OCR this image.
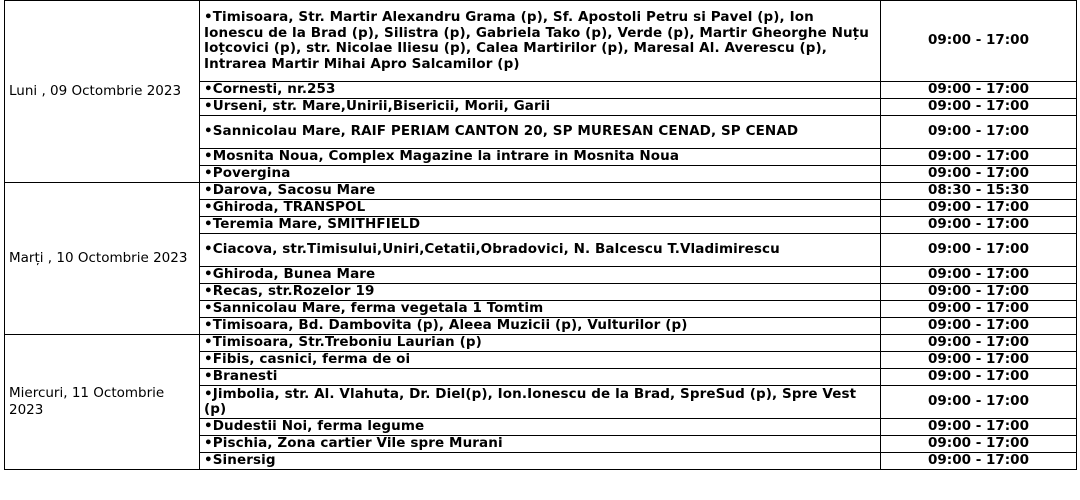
Luni , 09 Octombrie 2023	•Timisoara, Str. Martir Alexandru Grama (p), Sf. Apostoli Petru si Pavel (p), Ion Ionescu de la Brad (p), Silistra (p), Gabriela Tako (p), Verde (p), Martir Gheorghe Nuțu Ioțcovici (p), str. Nicolae Iliesu (p), Calea Martirilor (p), Maresal Al. Averescu (p), Intrarea Martir Mihai Apro Salcamilor (p)	09:00 - 17:00
	•Cornesti, nr.253	09:00 - 17:00
	•Urseni, str. Mare,Unirii,Bisericii, Morii, Garii	09:00 - 17:00
	•Sannicolau Mare, RAIF PERIAM CANTON 20, SP MURESAN CENAD, SP CENAD	09:00 - 17:00
	•Mosnita Noua, Complex Magazine la intrare in Mosnita Noua	09:00 - 17:00
	•Povergina	09:00 - 17:00
Marți , 10 Octombrie 2023	•Darova, Sacosu Mare	08:30 - 15:30
	•Ghiroda, TRANSPOL	09:00 - 17:00
	•Teremia Mare, SMITHFIELD	09:00 - 17:00
	•Ciacova, str.Timisului,Uniri,Cetatii,Obradovici, N. Balcescu T.Vladimirescu	09:00 - 17:00
	•Ghiroda, Bunea Mare	09:00 - 17:00
	•Recas, str.Rozelor 19	09:00 - 17:00
	•Sannicolau Mare, ferma vegetala 1 Tomtim	09:00 - 17:00
	•Timisoara, Bd. Dambovita (p), Aleea Muzicii (p), Vulturilor (p)	09:00 - 17:00
Miercuri, 11 Octombrie 2023	•Timisoara, Str.Treboniu Laurian (p)	09:00 - 17:00
	•Fibis, casnici, ferma de oi	09:00 - 17:00
	•Branesti	09:00 - 17:00
	•Jimbolia, str. Al. Vlahuta, Dr. Diel(p), Ion.Ionescu de la Brad, SpreSud (p), Spre Vest (p)	09:00 - 17:00
	•Dudestii Noi, ferma legume	09:00 - 17:00
	•Pischia, Zona cartier Vile spre Murani	09:00 - 17:00
	•Sinersig	09:00 - 17:00
